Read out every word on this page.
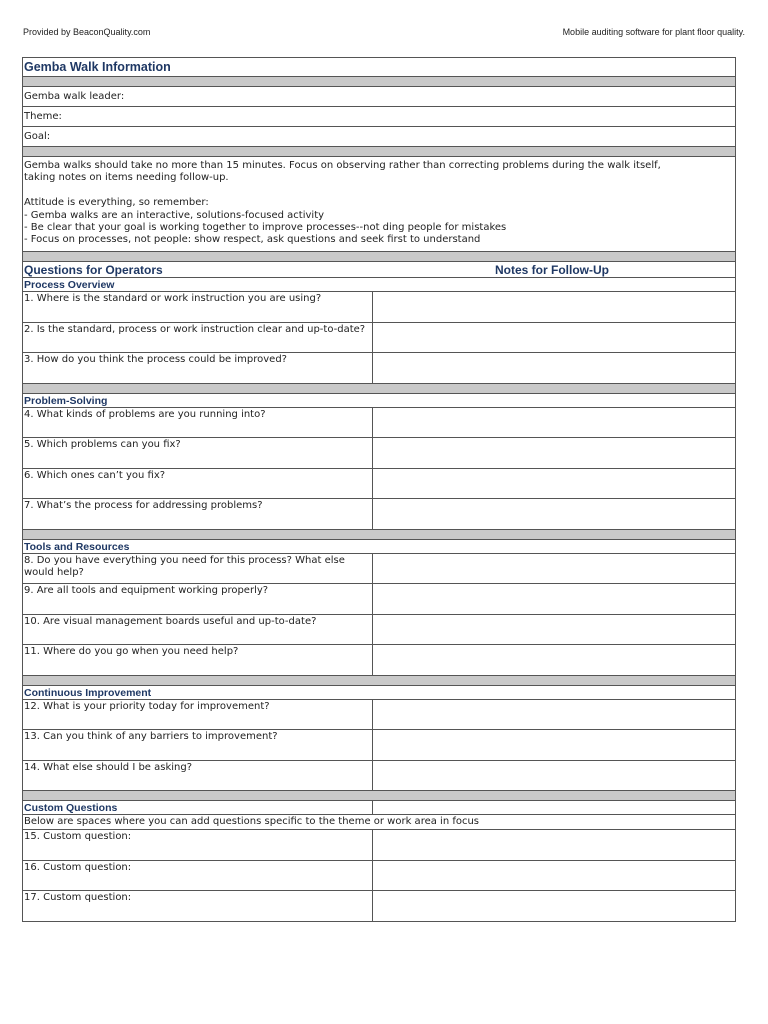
Provided by BeaconQuality.com	Mobile auditing software for plant floor quality.
Gemba Walk Information
Gemba walk leader:
Theme:
Goal:
Gemba walks should take no more than 15 minutes. Focus on observing rather than correcting problems during the walk itself,
taking notes on items needing follow-up.
Attitude is everything, so remember:
- Gemba walks are an interactive, solutions-focused activity
- Be clear that your goal is working together to improve processes--not ding people for mistakes
- Focus on processes, not people: show respect, ask questions and seek first to understand
Questions for Operators	Notes for Follow-Up
Process Overview
1. Where is the standard or work instruction you are using?
2. Is the standard, process or work instruction clear and up-to-date?
3. How do you think the process could be improved?
Problem-Solving
4. What kinds of problems are you running into?
5. Which problems can you fix?
6. Which ones can’t you fix?
7. What’s the process for addressing problems?
Tools and Resources
8. Do you have everything you need for this process? What else would help?
9. Are all tools and equipment working properly?
10. Are visual management boards useful and up-to-date?
11. Where do you go when you need help?
Continuous Improvement
12. What is your priority today for improvement?
13. Can you think of any barriers to improvement?
14. What else should I be asking?
Custom Questions
Below are spaces where you can add questions specific to the theme or work area in focus
15. Custom question:
16. Custom question:
17. Custom question:
